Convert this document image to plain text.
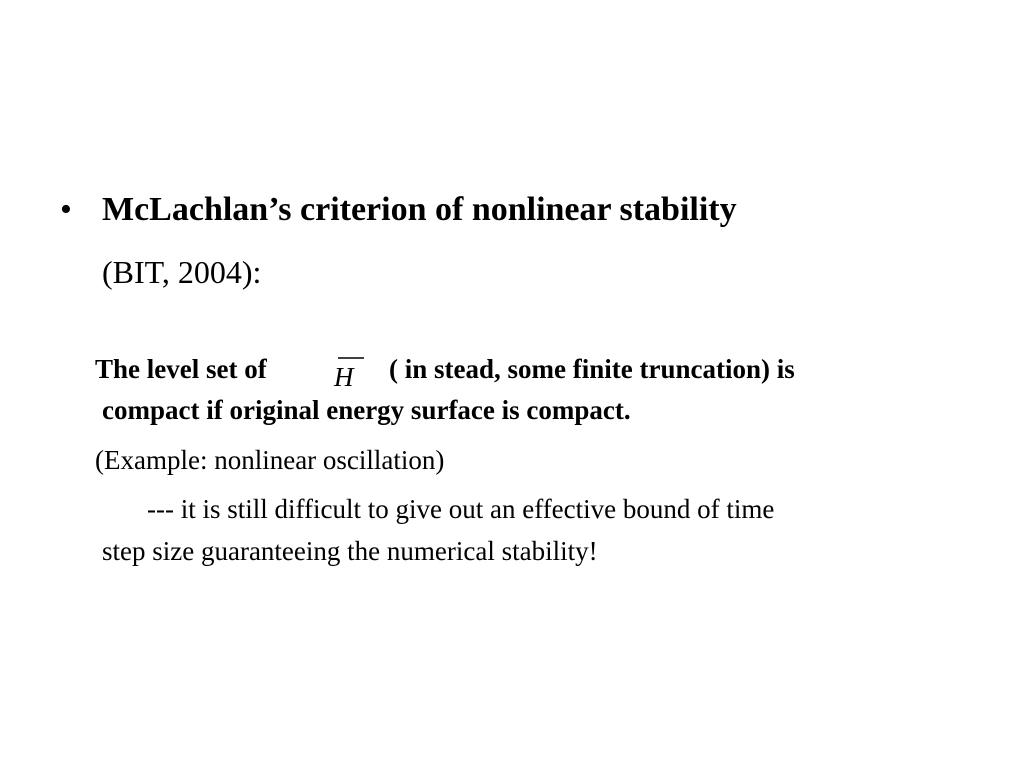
• McLachlan’s criterion of nonlinear stability
(BIT, 2004):
The level set of	( in stead, some finite truncation) is
H
compact if original energy surface is compact.
(Example: nonlinear oscillation)
--- it is still difficult to give out an effective bound of time
step size guaranteeing the numerical stability!
